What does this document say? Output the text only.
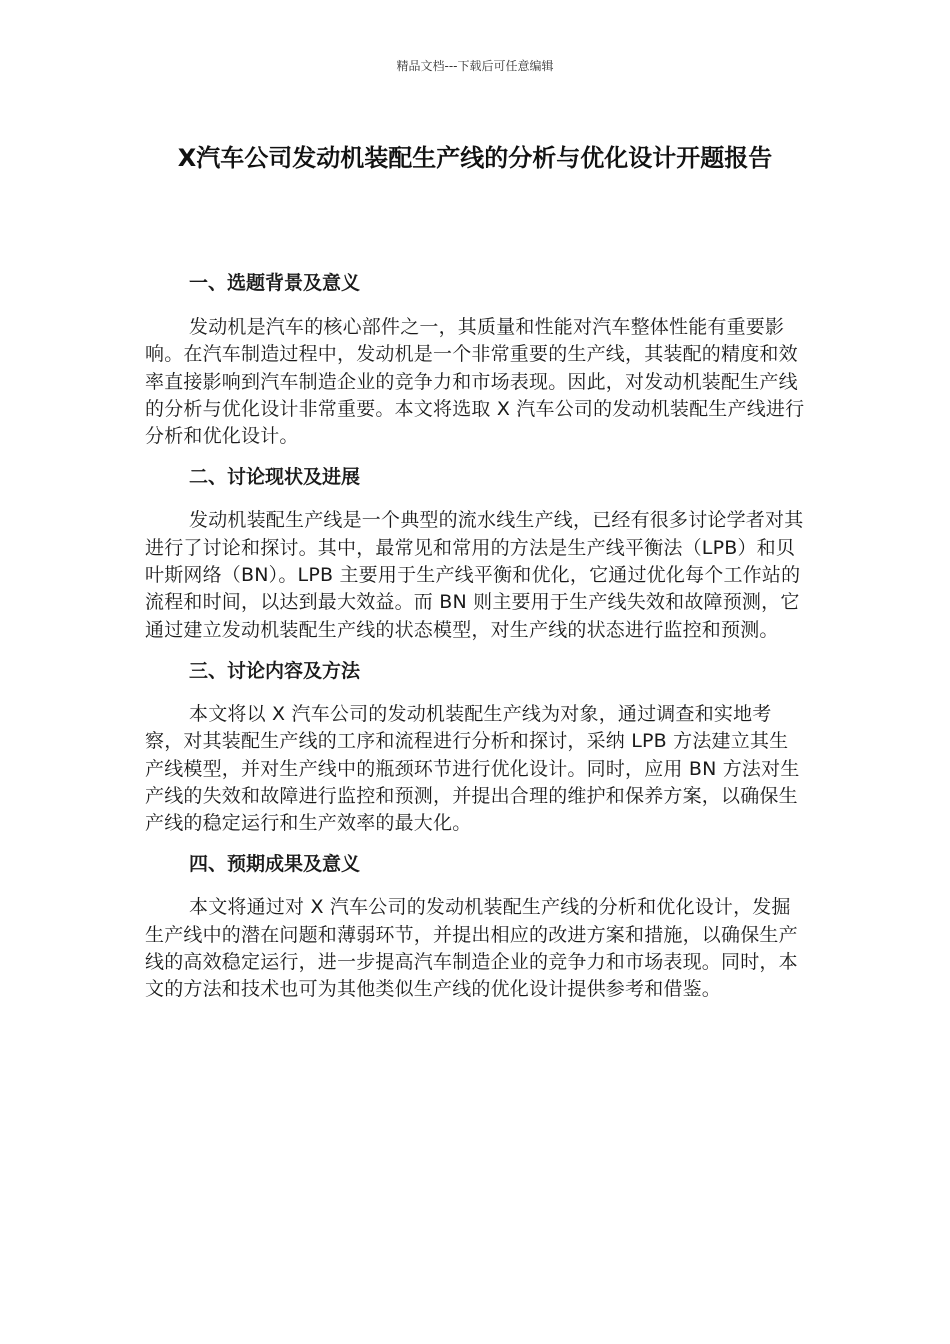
精品文档---下载后可任意编辑
X汽车公司发动机装配生产线的分析与优化设计开题报告
一、选题背景及意义

发动机是汽车的核心部件之一，其质量和性能对汽车整体性能有重要影响。在汽车制造过程中，发动机是一个非常重要的生产线，其装配的精度和效率直接影响到汽车制造企业的竞争力和市场表现。因此，对发动机装配生产线的分析与优化设计非常重要。本文将选取 X 汽车公司的发动机装配生产线进行分析和优化设计。

二、讨论现状及进展

发动机装配生产线是一个典型的流水线生产线，已经有很多讨论学者对其进行了讨论和探讨。其中，最常见和常用的方法是生产线平衡法（LPB）和贝叶斯网络（BN）。LPB 主要用于生产线平衡和优化，它通过优化每个工作站的流程和时间，以达到最大效益。而 BN 则主要用于生产线失效和故障预测，它通过建立发动机装配生产线的状态模型，对生产线的状态进行监控和预测。

三、讨论内容及方法

本文将以 X 汽车公司的发动机装配生产线为对象，通过调查和实地考察，对其装配生产线的工序和流程进行分析和探讨，采纳 LPB 方法建立其生产线模型，并对生产线中的瓶颈环节进行优化设计。同时，应用 BN 方法对生产线的失效和故障进行监控和预测，并提出合理的维护和保养方案，以确保生产线的稳定运行和生产效率的最大化。

四、预期成果及意义

本文将通过对 X 汽车公司的发动机装配生产线的分析和优化设计，发掘生产线中的潜在问题和薄弱环节，并提出相应的改进方案和措施，以确保生产线的高效稳定运行，进一步提高汽车制造企业的竞争力和市场表现。同时，本文的方法和技术也可为其他类似生产线的优化设计提供参考和借鉴。
